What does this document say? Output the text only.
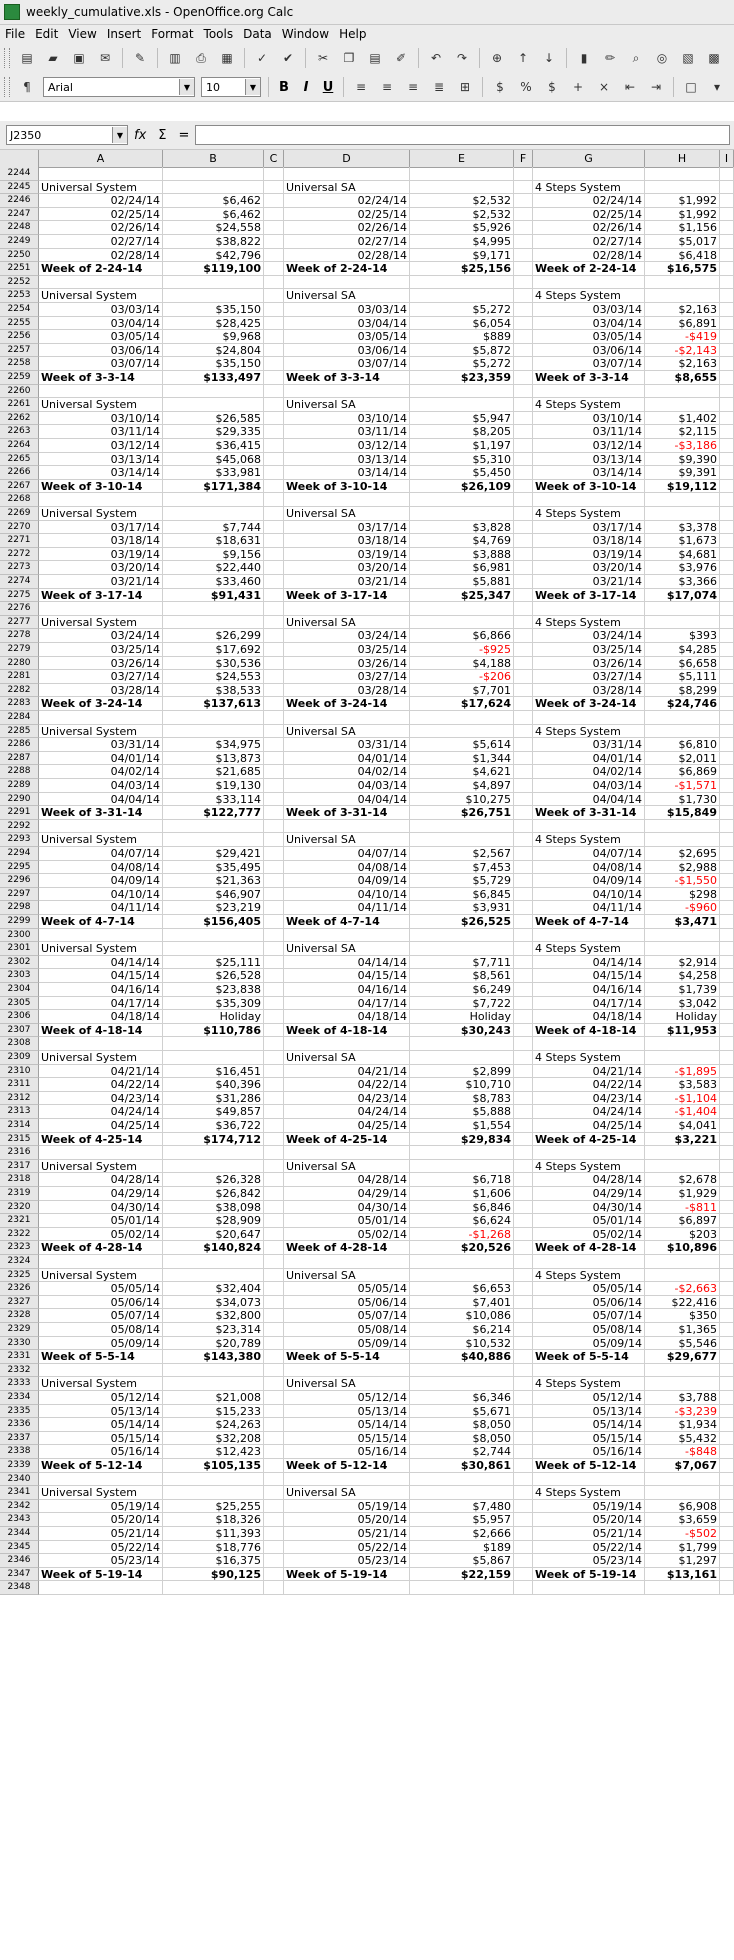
weekly_cumulative.xls - OpenOffice.org Calc
File Edit View Insert Format Tools Data Window Help
▤	▰	▣	✉	✎	▥	⎙	▦	✓	✔	✂	❐	▤	✐	↶	↷	⊕	↑	↓	▮	✏	⌕	◎	▧	▩
¶	Arial	▼	10	▼	B	I	U	≡	≡	≡	≣	⊞	$	%	$	+	×	⇤	⇥	□	▾
J2350	▼ fx Σ =
A	B	C	D	E	F	G	H	I
2244
2245 Universal System	Universal SA	4 Steps System
2246	02/24/14	$6,462	02/24/14	$2,532	02/24/14	$1,992
2247	02/25/14	$6,462	02/25/14	$2,532	02/25/14	$1,992
2248	02/26/14	$24,558	02/26/14	$5,926	02/26/14	$1,156
2249	02/27/14	$38,822	02/27/14	$4,995	02/27/14	$5,017
2250	02/28/14	$42,796	02/28/14	$9,171	02/28/14	$6,418
2251 Week of 2-24-14	$119,100 Week of 2-24-14	$25,156 Week of 2-24-14	$16,575
2252
2253 Universal System	Universal SA	4 Steps System
2254	03/03/14	$35,150	03/03/14	$5,272	03/03/14	$2,163
2255	03/04/14	$28,425	03/04/14	$6,054	03/04/14	$6,891
2256	03/05/14	$9,968	03/05/14	$889	03/05/14	-$419
2257	03/06/14	$24,804	03/06/14	$5,872	03/06/14	-$2,143
2258	03/07/14	$35,150	03/07/14	$5,272	03/07/14	$2,163
2259 Week of 3-3-14	$133,497 Week of 3-3-14	$23,359 Week of 3-3-14	$8,655
2260
2261 Universal System	Universal SA	4 Steps System
2262	03/10/14	$26,585	03/10/14	$5,947	03/10/14	$1,402
2263	03/11/14	$29,335	03/11/14	$8,205	03/11/14	$2,115
2264	03/12/14	$36,415	03/12/14	$1,197	03/12/14	-$3,186
2265	03/13/14	$45,068	03/13/14	$5,310	03/13/14	$9,390
2266	03/14/14	$33,981	03/14/14	$5,450	03/14/14	$9,391
2267 Week of 3-10-14	$171,384 Week of 3-10-14	$26,109 Week of 3-10-14	$19,112
2268
2269 Universal System	Universal SA	4 Steps System
2270	03/17/14	$7,744	03/17/14	$3,828	03/17/14	$3,378
2271	03/18/14	$18,631	03/18/14	$4,769	03/18/14	$1,673
2272	03/19/14	$9,156	03/19/14	$3,888	03/19/14	$4,681
2273	03/20/14	$22,440	03/20/14	$6,981	03/20/14	$3,976
2274	03/21/14	$33,460	03/21/14	$5,881	03/21/14	$3,366
2275 Week of 3-17-14	$91,431 Week of 3-17-14	$25,347 Week of 3-17-14	$17,074
2276
2277 Universal System	Universal SA	4 Steps System
2278	03/24/14	$26,299	03/24/14	$6,866	03/24/14	$393
2279	03/25/14	$17,692	03/25/14	-$925	03/25/14	$4,285
2280	03/26/14	$30,536	03/26/14	$4,188	03/26/14	$6,658
2281	03/27/14	$24,553	03/27/14	-$206	03/27/14	$5,111
2282	03/28/14	$38,533	03/28/14	$7,701	03/28/14	$8,299
2283 Week of 3-24-14	$137,613 Week of 3-24-14	$17,624 Week of 3-24-14	$24,746
2284
2285 Universal System	Universal SA	4 Steps System
2286	03/31/14	$34,975	03/31/14	$5,614	03/31/14	$6,810
2287	04/01/14	$13,873	04/01/14	$1,344	04/01/14	$2,011
2288	04/02/14	$21,685	04/02/14	$4,621	04/02/14	$6,869
2289	04/03/14	$19,130	04/03/14	$4,897	04/03/14	-$1,571
2290	04/04/14	$33,114	04/04/14	$10,275	04/04/14	$1,730
2291 Week of 3-31-14	$122,777 Week of 3-31-14	$26,751 Week of 3-31-14	$15,849
2292
2293 Universal System	Universal SA	4 Steps System
2294	04/07/14	$29,421	04/07/14	$2,567	04/07/14	$2,695
2295	04/08/14	$35,495	04/08/14	$7,453	04/08/14	$2,988
2296	04/09/14	$21,363	04/09/14	$5,729	04/09/14	-$1,550
2297	04/10/14	$46,907	04/10/14	$6,845	04/10/14	$298
2298	04/11/14	$23,219	04/11/14	$3,931	04/11/14	-$960
2299 Week of 4-7-14	$156,405 Week of 4-7-14	$26,525 Week of 4-7-14	$3,471
2300
2301 Universal System	Universal SA	4 Steps System
2302	04/14/14	$25,111	04/14/14	$7,711	04/14/14	$2,914
2303	04/15/14	$26,528	04/15/14	$8,561	04/15/14	$4,258
2304	04/16/14	$23,838	04/16/14	$6,249	04/16/14	$1,739
2305	04/17/14	$35,309	04/17/14	$7,722	04/17/14	$3,042
2306	04/18/14	Holiday	04/18/14	Holiday	04/18/14	Holiday
2307 Week of 4-18-14	$110,786 Week of 4-18-14	$30,243 Week of 4-18-14	$11,953
2308
2309 Universal System	Universal SA	4 Steps System
2310	04/21/14	$16,451	04/21/14	$2,899	04/21/14	-$1,895
2311	04/22/14	$40,396	04/22/14	$10,710	04/22/14	$3,583
2312	04/23/14	$31,286	04/23/14	$8,783	04/23/14	-$1,104
2313	04/24/14	$49,857	04/24/14	$5,888	04/24/14	-$1,404
2314	04/25/14	$36,722	04/25/14	$1,554	04/25/14	$4,041
2315 Week of 4-25-14	$174,712 Week of 4-25-14	$29,834 Week of 4-25-14	$3,221
2316
2317 Universal System	Universal SA	4 Steps System
2318	04/28/14	$26,328	04/28/14	$6,718	04/28/14	$2,678
2319	04/29/14	$26,842	04/29/14	$1,606	04/29/14	$1,929
2320	04/30/14	$38,098	04/30/14	$6,846	04/30/14	-$811
2321	05/01/14	$28,909	05/01/14	$6,624	05/01/14	$6,897
2322	05/02/14	$20,647	05/02/14	-$1,268	05/02/14	$203
2323 Week of 4-28-14	$140,824 Week of 4-28-14	$20,526 Week of 4-28-14	$10,896
2324
2325 Universal System	Universal SA	4 Steps System
2326	05/05/14	$32,404	05/05/14	$6,653	05/05/14	-$2,663
2327	05/06/14	$34,073	05/06/14	$7,401	05/06/14	$22,416
2328	05/07/14	$32,800	05/07/14	$10,086	05/07/14	$350
2329	05/08/14	$23,314	05/08/14	$6,214	05/08/14	$1,365
2330	05/09/14	$20,789	05/09/14	$10,532	05/09/14	$5,546
2331 Week of 5-5-14	$143,380 Week of 5-5-14	$40,886 Week of 5-5-14	$29,677
2332
2333 Universal System	Universal SA	4 Steps System
2334	05/12/14	$21,008	05/12/14	$6,346	05/12/14	$3,788
2335	05/13/14	$15,233	05/13/14	$5,671	05/13/14	-$3,239
2336	05/14/14	$24,263	05/14/14	$8,050	05/14/14	$1,934
2337	05/15/14	$32,208	05/15/14	$8,050	05/15/14	$5,432
2338	05/16/14	$12,423	05/16/14	$2,744	05/16/14	-$848
2339 Week of 5-12-14	$105,135 Week of 5-12-14	$30,861 Week of 5-12-14	$7,067
2340
2341 Universal System	Universal SA	4 Steps System
2342	05/19/14	$25,255	05/19/14	$7,480	05/19/14	$6,908
2343	05/20/14	$18,326	05/20/14	$5,957	05/20/14	$3,659
2344	05/21/14	$11,393	05/21/14	$2,666	05/21/14	-$502
2345	05/22/14	$18,776	05/22/14	$189	05/22/14	$1,799
2346	05/23/14	$16,375	05/23/14	$5,867	05/23/14	$1,297
2347 Week of 5-19-14	$90,125 Week of 5-19-14	$22,159 Week of 5-19-14	$13,161
2348
